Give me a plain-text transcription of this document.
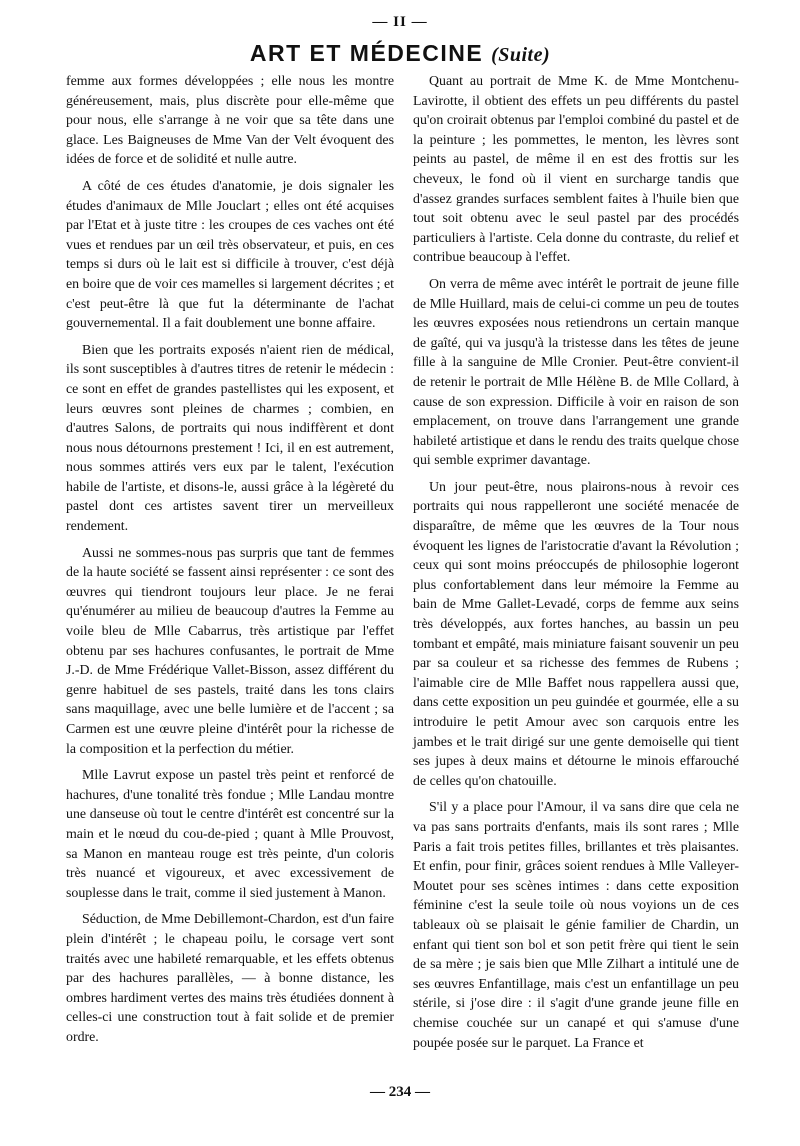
— II —
ART ET MÉDECINE (Suite)

femme aux formes développées ; elle nous les montre généreusement, mais, plus discrète pour elle-même que pour nous, elle s'arrange à ne voir que sa tête dans une glace. Les Baigneuses de Mme Van der Velt évoquent des idées de force et de solidité et nulle autre.

A côté de ces études d'anatomie, je dois signaler les études d'animaux de Mlle Jouclart ; elles ont été acquises par l'Etat et à juste titre : les croupes de ces vaches ont été vues et rendues par un œil très observateur, et puis, en ces temps si durs où le lait est si difficile à trouver, c'est déjà en boire que de voir ces mamelles si largement décrites ; et c'est peut-être là que fut la déterminante de l'achat gouvernemental. Il a fait doublement une bonne affaire.

Bien que les portraits exposés n'aient rien de médical, ils sont susceptibles à d'autres titres de retenir le médecin : ce sont en effet de grandes pastellistes qui les exposent, et leurs œuvres sont pleines de charmes ; combien, en d'autres Salons, de portraits qui nous indiffèrent et dont nous nous détournons prestement ! Ici, il en est autrement, nous sommes attirés vers eux par le talent, l'exécution habile de l'artiste, et disons-le, aussi grâce à la légèreté du pastel dont ces artistes savent tirer un merveilleux rendement.

Aussi ne sommes-nous pas surpris que tant de femmes de la haute société se fassent ainsi représenter : ce sont des œuvres qui tiendront toujours leur place. Je ne ferai qu'énumérer au milieu de beaucoup d'autres la Femme au voile bleu de Mlle Cabarrus, très artistique par l'effet obtenu par ses hachures confusantes, le portrait de Mme J.-D. de Mme Frédérique Vallet-Bisson, assez différent du genre habituel de ses pastels, traité dans les tons clairs sans maquillage, avec une belle lumière et de l'accent ; sa Carmen est une œuvre pleine d'intérêt pour la richesse de la composition et la perfection du métier.

Mlle Lavrut expose un pastel très peint et renforcé de hachures, d'une tonalité très fondue ; Mlle Landau montre une danseuse où tout le centre d'intérêt est concentré sur la main et le nœud du cou-de-pied ; quant à Mlle Prouvost, sa Manon en manteau rouge est très peinte, d'un coloris très nuancé et vigoureux, et avec excessivement de souplesse dans le trait, comme il sied justement à Manon.

Séduction, de Mme Debillemont-Chardon, est d'un faire plein d'intérêt ; le chapeau poilu, le corsage vert sont traités avec une habileté remarquable, et les effets obtenus par des hachures parallèles, — à bonne distance, les ombres hardiment vertes des mains très étudiées donnent à celles-ci une construction tout à fait solide et de premier ordre.

Quant au portrait de Mme K. de Mme Montchenu-Lavirotte, il obtient des effets un peu différents du pastel qu'on croirait obtenus par l'emploi combiné du pastel et de la peinture ; les pommettes, le menton, les lèvres sont peints au pastel, de même il en est des frottis sur les cheveux, le fond où il vient en surcharge tandis que d'assez grandes surfaces semblent faites à l'huile bien que tout soit obtenu avec le seul pastel par des procédés particuliers à l'artiste. Cela donne du contraste, du relief et contribue beaucoup à l'effet.

On verra de même avec intérêt le portrait de jeune fille de Mlle Huillard, mais de celui-ci comme un peu de toutes les œuvres exposées nous retiendrons un certain manque de gaîté, qui va jusqu'à la tristesse dans les têtes de jeune fille à la sanguine de Mlle Cronier. Peut-être convient-il de retenir le portrait de Mlle Hélène B. de Mlle Collard, à cause de son expression. Difficile à voir en raison de son emplacement, on trouve dans l'arrangement une grande habileté artistique et dans le rendu des traits quelque chose qui semble exprimer davantage.

Un jour peut-être, nous plairons-nous à revoir ces portraits qui nous rappelleront une société menacée de disparaître, de même que les œuvres de la Tour nous évoquent les lignes de l'aristocratie d'avant la Révolution ; ceux qui sont moins préoccupés de philosophie logeront plus confortablement dans leur mémoire la Femme au bain de Mme Gallet-Levadé, corps de femme aux seins très développés, aux fortes hanches, au bassin un peu tombant et empâté, mais miniature faisant souvenir un peu par sa couleur et sa richesse des femmes de Rubens ; l'aimable cire de Mlle Baffet nous rappellera aussi que, dans cette exposition un peu guindée et gourmée, elle a su introduire le petit Amour avec son carquois entre les jambes et le trait dirigé sur une gente demoiselle qui tient ses jupes à deux mains et détourne le minois effarouché de celles qu'on chatouille.

S'il y a place pour l'Amour, il va sans dire que cela ne va pas sans portraits d'enfants, mais ils sont rares ; Mlle Paris a fait trois petites filles, brillantes et très plaisantes. Et enfin, pour finir, grâces soient rendues à Mlle Valleyer-Moutet pour ses scènes intimes : dans cette exposition féminine c'est la seule toile où nous voyions un de ces tableaux où se plaisait le génie familier de Chardin, un enfant qui tient son bol et son petit frère qui tient le sein de sa mère ; je sais bien que Mlle Zilhart a intitulé une de ses œuvres Enfantillage, mais c'est un enfantillage un peu stérile, si j'ose dire : il s'agit d'une grande jeune fille en chemise couchée sur un canapé et qui s'amuse d'une poupée posée sur le parquet. La France et

— 234 —
